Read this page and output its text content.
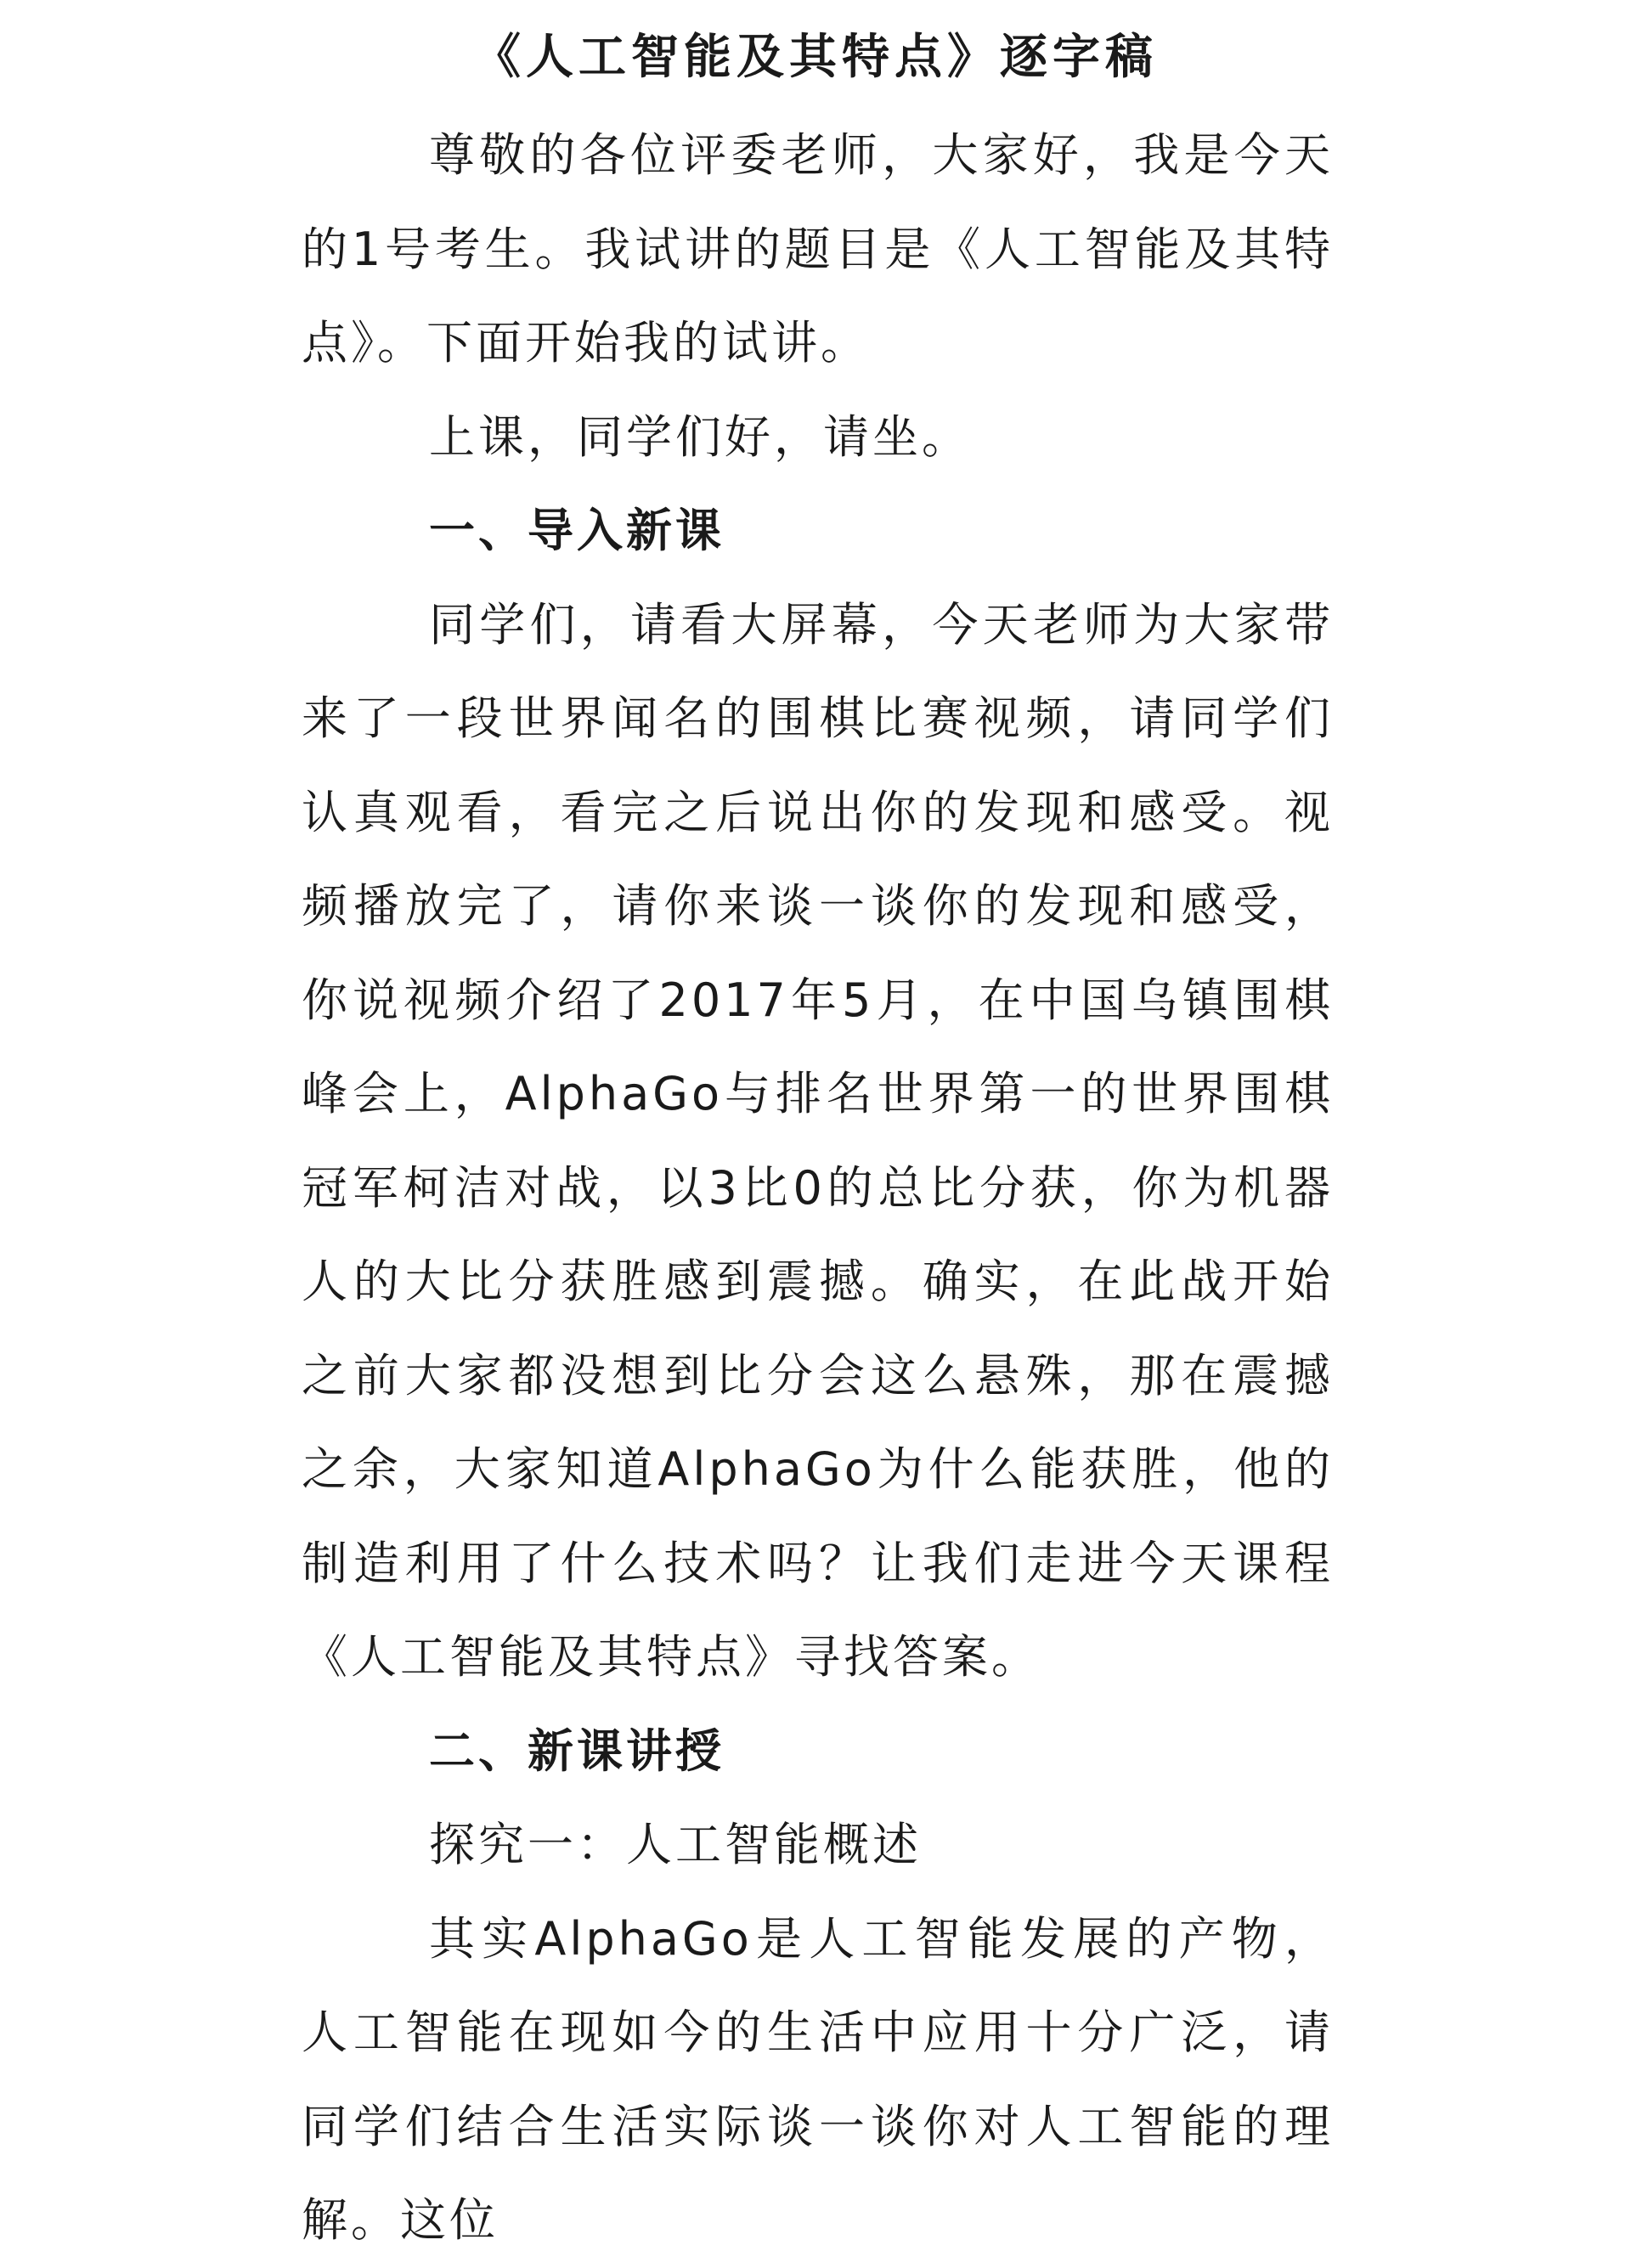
《人工智能及其特点》逐字稿

尊敬的各位评委老师，大家好，我是今天的1号考生。我试讲的题目是《人工智能及其特点》。下面开始我的试讲。

上课，同学们好，请坐。

一、导入新课

同学们，请看大屏幕，今天老师为大家带来了一段世界闻名的围棋比赛视频，请同学们认真观看，看完之后说出你的发现和感受。视频播放完了，请你来谈一谈你的发现和感受，你说视频介绍了2017年5月，在中国乌镇围棋峰会上，AlphaGo与排名世界第一的世界围棋冠军柯洁对战，以3比0的总比分获，你为机器人的大比分获胜感到震撼。确实，在此战开始之前大家都没想到比分会这么悬殊，那在震撼之余，大家知道AlphaGo为什么能获胜，他的制造利用了什么技术吗？让我们走进今天课程《人工智能及其特点》寻找答案。

二、新课讲授

探究一：人工智能概述

其实AlphaGo是人工智能发展的产物，人工智能在现如今的生活中应用十分广泛，请同学们结合生活实际谈一谈你对人工智能的理解。这位
